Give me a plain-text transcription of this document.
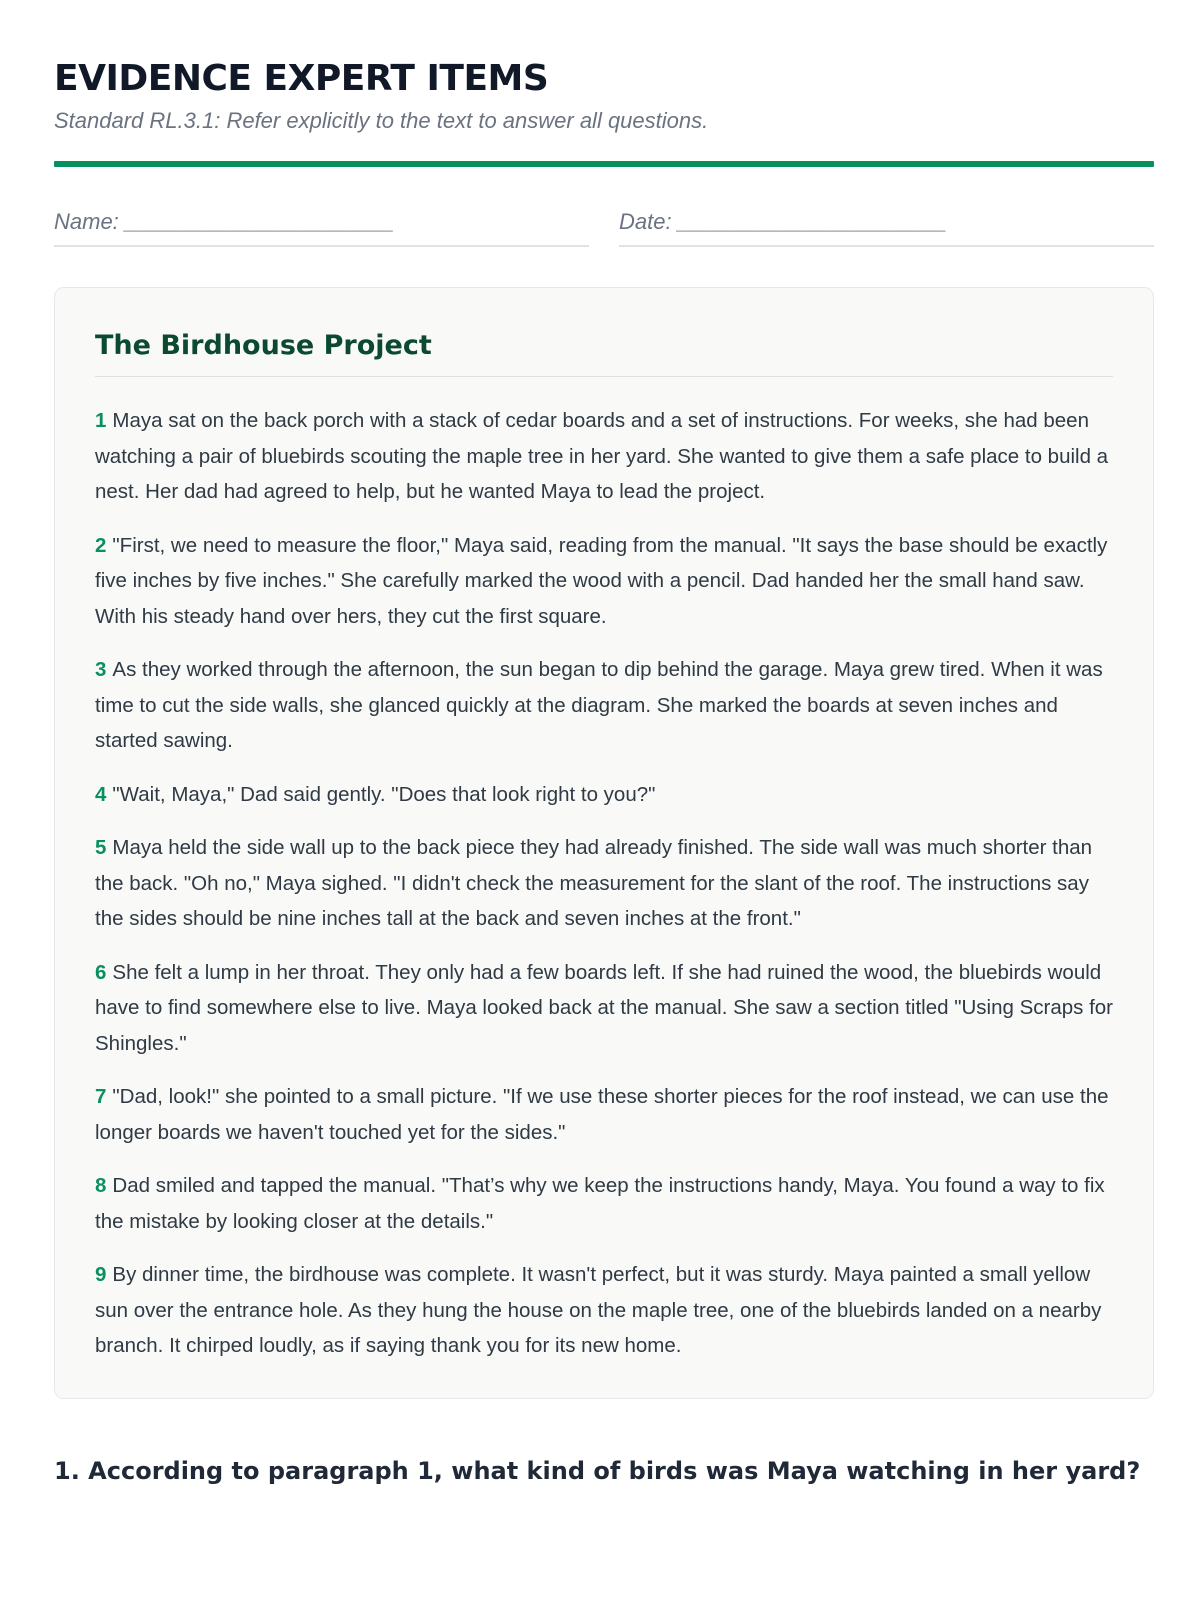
EVIDENCE EXPERT ITEMS

Standard RL.3.1: Refer explicitly to the text to answer all questions.

Name: ______________________	Date: ______________________
The Birdhouse Project

1 Maya sat on the back porch with a stack of cedar boards and a set of instructions. For weeks, she had been watching a pair of bluebirds scouting the maple tree in her yard. She wanted to give them a safe place to build a nest. Her dad had agreed to help, but he wanted Maya to lead the project.

2 "First, we need to measure the floor," Maya said, reading from the manual. "It says the base should be exactly five inches by five inches." She carefully marked the wood with a pencil. Dad handed her the small hand saw. With his steady hand over hers, they cut the first square.

3 As they worked through the afternoon, the sun began to dip behind the garage. Maya grew tired. When it was time to cut the side walls, she glanced quickly at the diagram. She marked the boards at seven inches and started sawing.

4 "Wait, Maya," Dad said gently. "Does that look right to you?"

5 Maya held the side wall up to the back piece they had already finished. The side wall was much shorter than the back. "Oh no," Maya sighed. "I didn't check the measurement for the slant of the roof. The instructions say the sides should be nine inches tall at the back and seven inches at the front."

6 She felt a lump in her throat. They only had a few boards left. If she had ruined the wood, the bluebirds would have to find somewhere else to live. Maya looked back at the manual. She saw a section titled "Using Scraps for Shingles."

7 "Dad, look!" she pointed to a small picture. "If we use these shorter pieces for the roof instead, we can use the longer boards we haven't touched yet for the sides."

8 Dad smiled and tapped the manual. "That’s why we keep the instructions handy, Maya. You found a way to fix the mistake by looking closer at the details."

9 By dinner time, the birdhouse was complete. It wasn't perfect, but it was sturdy. Maya painted a small yellow sun over the entrance hole. As they hung the house on the maple tree, one of the bluebirds landed on a nearby branch. It chirped loudly, as if saying thank you for its new home.

1. According to paragraph 1, what kind of birds was Maya watching in her yard?
